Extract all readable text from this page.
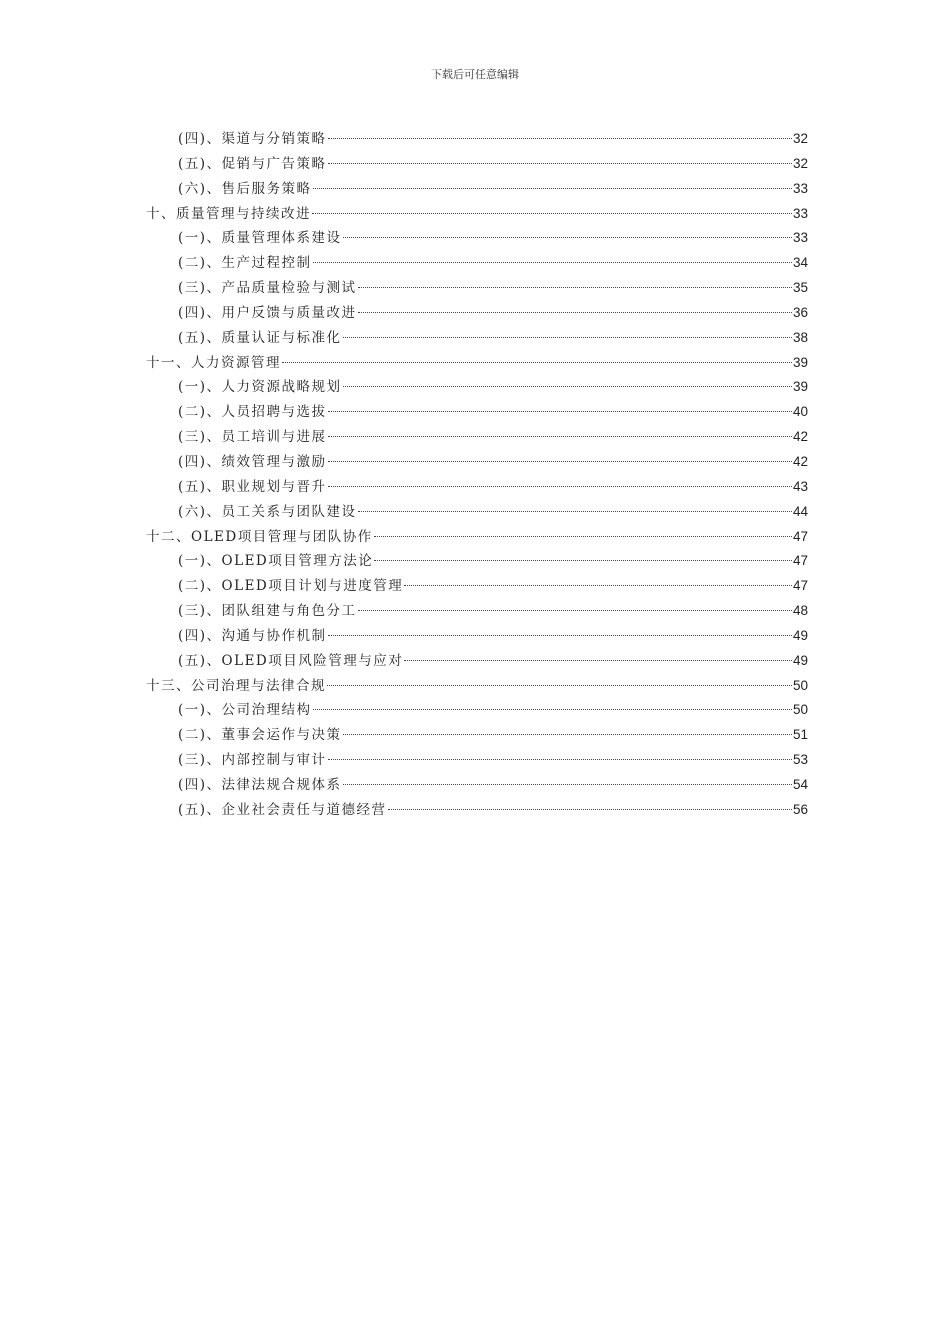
下载后可任意编辑
(四)、渠道与分销策略	32
(五)、促销与广告策略	32
(六)、售后服务策略	33
十、质量管理与持续改进	33
(一)、质量管理体系建设	33
(二)、生产过程控制	34
(三)、产品质量检验与测试	35
(四)、用户反馈与质量改进	36
(五)、质量认证与标准化	38
十一、人力资源管理	39
(一)、人力资源战略规划	39
(二)、人员招聘与选拔	40
(三)、员工培训与进展	42
(四)、绩效管理与激励	42
(五)、职业规划与晋升	43
(六)、员工关系与团队建设	44
十二、OLED项目管理与团队协作	47
(一)、OLED项目管理方法论	47
(二)、OLED项目计划与进度管理	47
(三)、团队组建与角色分工	48
(四)、沟通与协作机制	49
(五)、OLED项目风险管理与应对	49
十三、公司治理与法律合规	50
(一)、公司治理结构	50
(二)、董事会运作与决策	51
(三)、内部控制与审计	53
(四)、法律法规合规体系	54
(五)、企业社会责任与道德经营	56
